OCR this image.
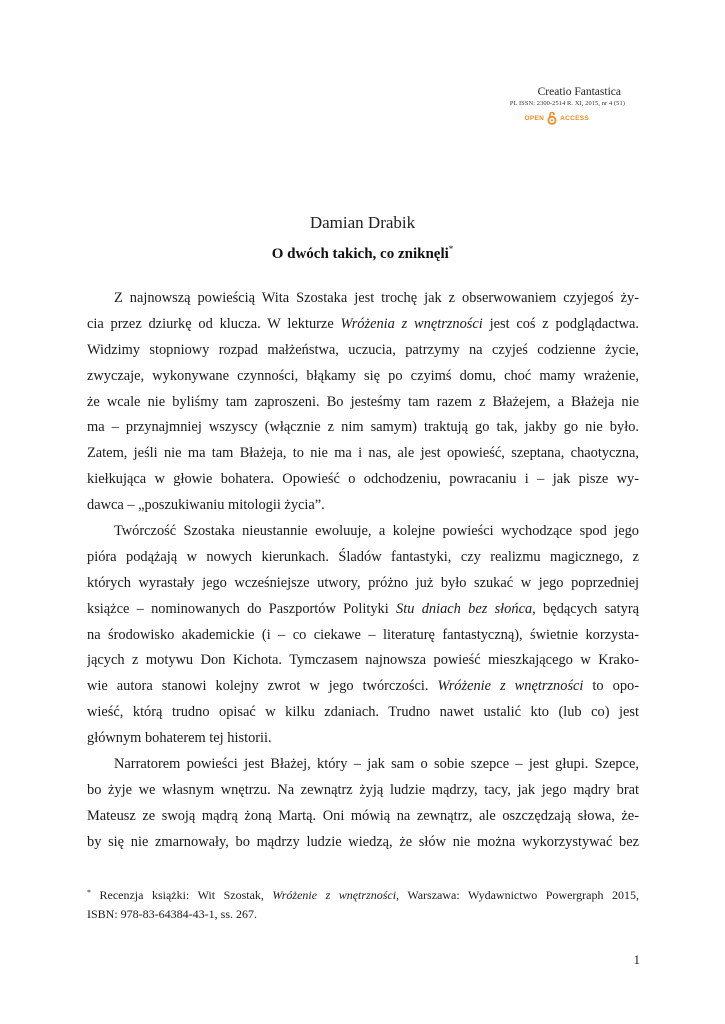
Creatio Fantastica
PL ISSN: 2300-2514 R. XI, 2015, nr 4 (51)
OPEN ACCESS
Damian Drabik
O dwóch takich, co zniknęli*
Z najnowszą powieścią Wita Szostaka jest trochę jak z obserwowaniem czyjegoś ży-
cia przez dziurkę od klucza. W lekturze Wróżenia z wnętrzności jest coś z podglądactwa.
Widzimy stopniowy rozpad małżeństwa, uczucia, patrzymy na czyjeś codzienne życie,
zwyczaje, wykonywane czynności, błąkamy się po czyimś domu, choć mamy wrażenie,
że wcale nie byliśmy tam zaproszeni. Bo jesteśmy tam razem z Błażejem, a Błażeja nie
ma – przynajmniej wszyscy (włącznie z nim samym) traktują go tak, jakby go nie było.
Zatem, jeśli nie ma tam Błażeja, to nie ma i nas, ale jest opowieść, szeptana, chaotyczna,
kiełkująca w głowie bohatera. Opowieść o odchodzeniu, powracaniu i – jak pisze wy-
dawca – „poszukiwaniu mitologii życia”.
Twórczość Szostaka nieustannie ewoluuje, a kolejne powieści wychodzące spod jego
pióra podążają w nowych kierunkach. Śladów fantastyki, czy realizmu magicznego, z
których wyrastały jego wcześniejsze utwory, próżno już było szukać w jego poprzedniej
książce – nominowanych do Paszportów Polityki Stu dniach bez słońca, będących satyrą
na środowisko akademickie (i – co ciekawe – literaturę fantastyczną), świetnie korzysta-
jących z motywu Don Kichota. Tymczasem najnowsza powieść mieszkającego w Krako-
wie autora stanowi kolejny zwrot w jego twórczości. Wróżenie z wnętrzności to opo-
wieść, którą trudno opisać w kilku zdaniach. Trudno nawet ustalić kto (lub co) jest
głównym bohaterem tej historii.
Narratorem powieści jest Błażej, który – jak sam o sobie szepce – jest głupi. Szepce,
bo żyje we własnym wnętrzu. Na zewnątrz żyją ludzie mądrzy, tacy, jak jego mądry brat
Mateusz ze swoją mądrą żoną Martą. Oni mówią na zewnątrz, ale oszczędzają słowa, że-
by się nie zmarnowały, bo mądrzy ludzie wiedzą, że słów nie można wykorzystywać bez
* Recenzja książki: Wit Szostak, Wróżenie z wnętrzności, Warszawa: Wydawnictwo Powergraph 2015,
ISBN: 978-83-64384-43-1, ss. 267.
1
